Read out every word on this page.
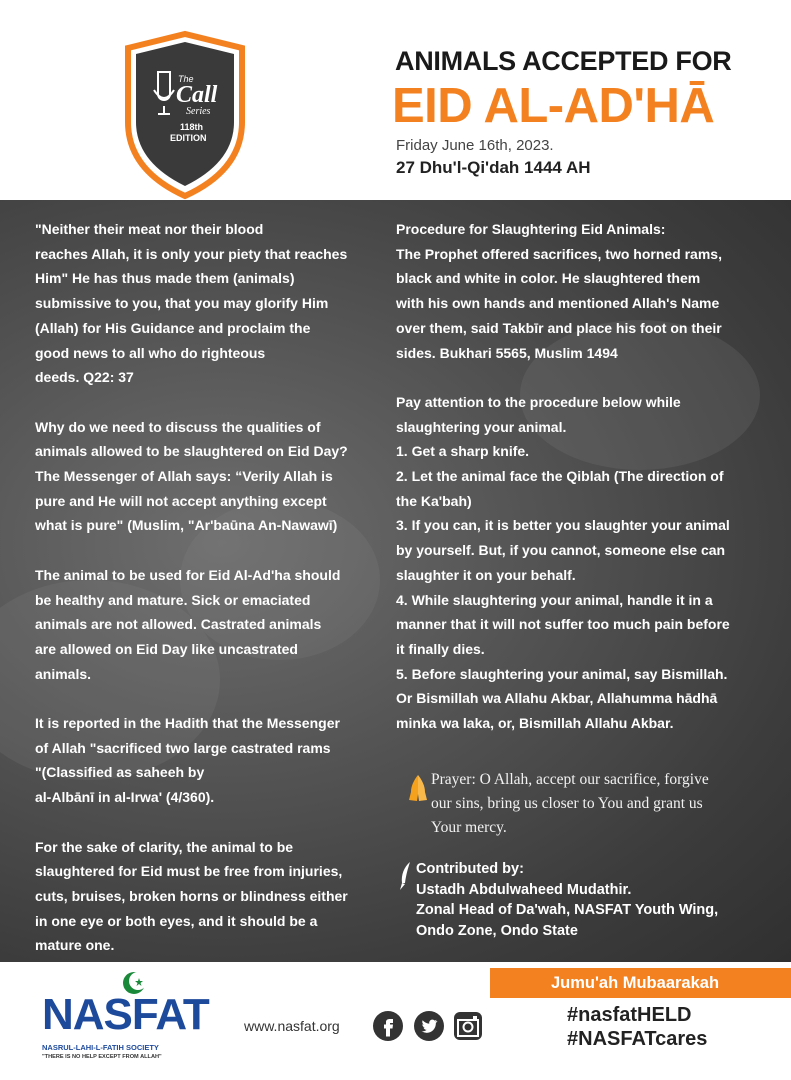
The
Call
Series
118th
EDITION
ANIMALS ACCEPTED FOR
EID AL-AD'HĀ
Friday June 16th, 2023.
27 Dhu'l-Qi'dah 1444 AH

"Neither their meat nor their blood
reaches Allah, it is only your piety that reaches
Him" He has thus made them (animals)
submissive to you, that you may glorify Him
(Allah) for His Guidance and proclaim the
good news to all who do righteous
deeds. Q22: 37

Why do we need to discuss the qualities of
animals allowed to be slaughtered on Eid Day?
The Messenger of Allah says: “Verily Allah is
pure and He will not accept anything except
what is pure" (Muslim, "Ar'baūna An-Nawawī)

The animal to be used for Eid Al-Ad'ha should
be healthy and mature. Sick or emaciated
animals are not allowed. Castrated animals
are allowed on Eid Day like uncastrated
animals.

It is reported in the Hadith that the Messenger
of Allah "sacrificed two large castrated rams
"(Classified as saheeh by
al-Albānī in al-Irwa' (4/360).

For the sake of clarity, the animal to be
slaughtered for Eid must be free from injuries,
cuts, bruises, broken horns or blindness either
in one eye or both eyes, and it should be a
mature one.

Procedure for Slaughtering Eid Animals:
The Prophet offered sacrifices, two horned rams,
black and white in color. He slaughtered them
with his own hands and mentioned Allah's Name
over them, said Takbīr and place his foot on their
sides. Bukhari 5565, Muslim 1494

Pay attention to the procedure below while
slaughtering your animal.
1. Get a sharp knife.
2. Let the animal face the Qiblah (The direction of
the Ka'bah)
3. If you can, it is better you slaughter your animal
by yourself. But, if you cannot, someone else can
slaughter it on your behalf.
4. While slaughtering your animal, handle it in a
manner that it will not suffer too much pain before
it finally dies.
5. Before slaughtering your animal, say Bismillah.
Or Bismillah wa Allahu Akbar, Allahumma hādhā
minka wa laka, or, Bismillah Allahu Akbar.

Prayer: O Allah, accept our sacrifice, forgive
our sins, bring us closer to You and grant us
Your mercy.
Contributed by:
Ustadh Abdulwaheed Mudathir.
Zonal Head of Da'wah, NASFAT Youth Wing,
Ondo Zone, Ondo State
Jumu'ah Mubaarakah
NASFAT
NASRUL-LAHI-L-FATIH SOCIETY
"THERE IS NO HELP EXCEPT FROM ALLAH"
www.nasfat.org	#nasfatHELD
#NASFATcares
